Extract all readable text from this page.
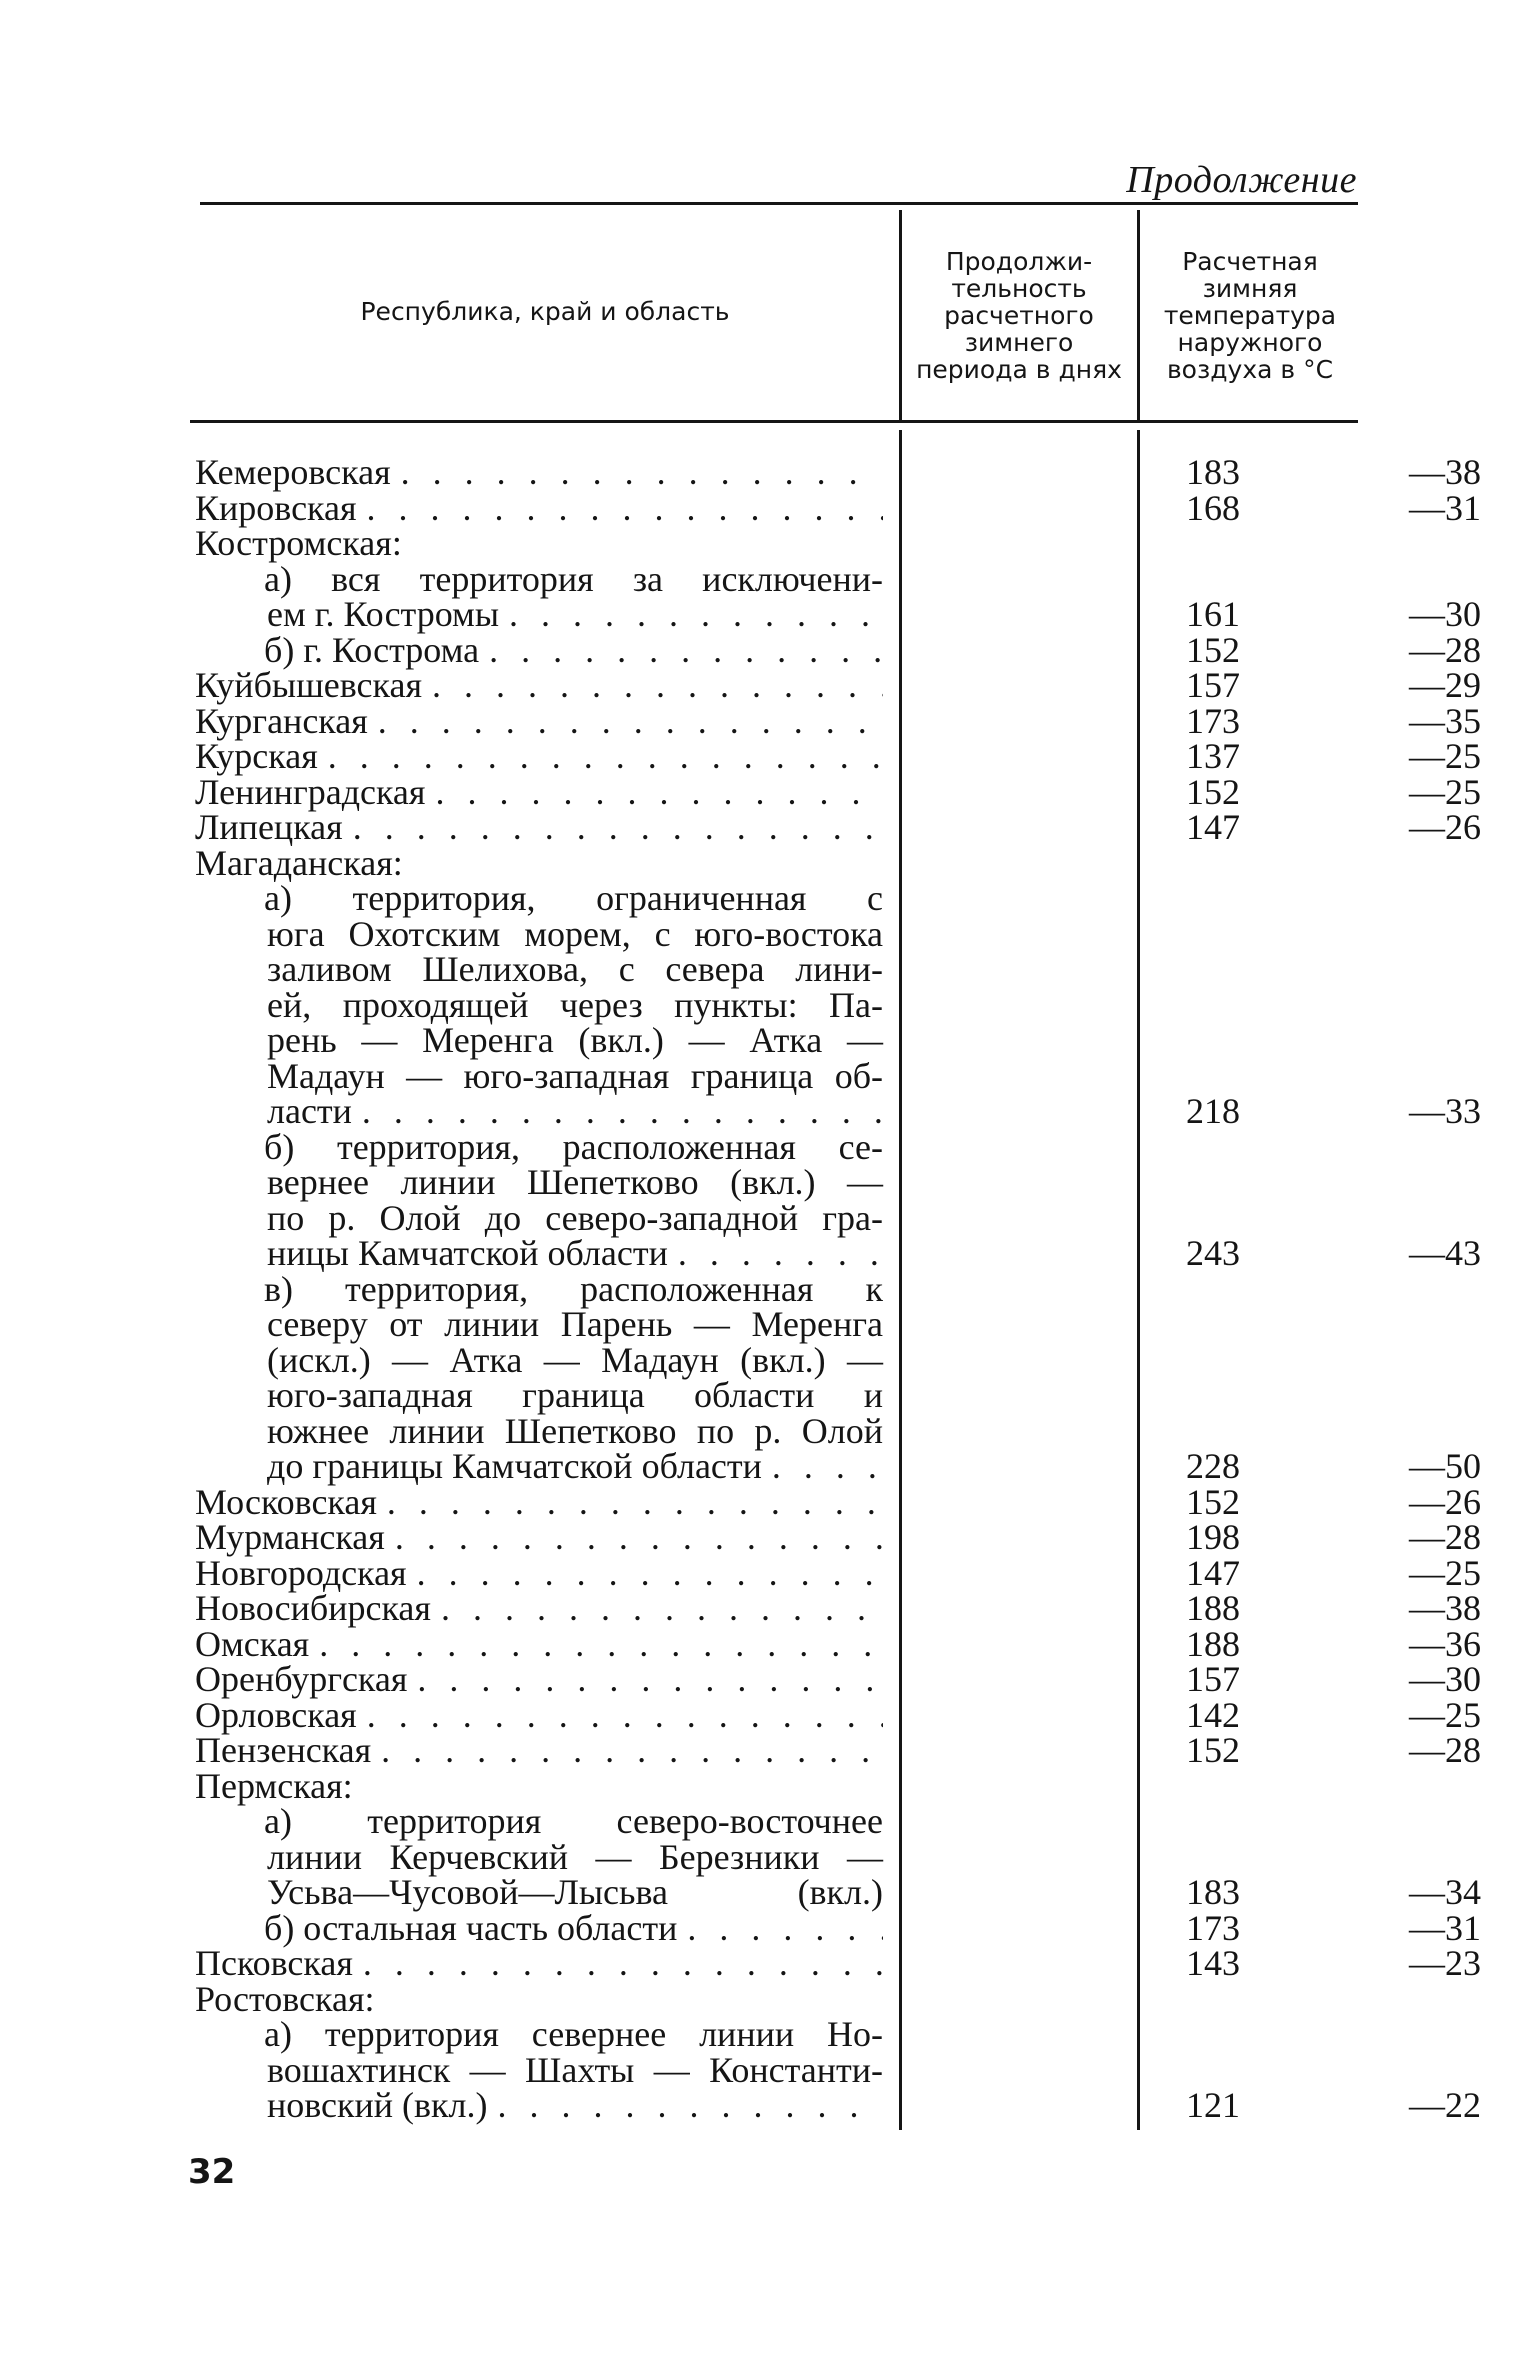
Продолжение
Республика, край и область
Продолжи-
тельность
расчетного
зимнего
периода в днях
Расчетная
зимняя
температура
наружного
воздуха в °С
Кемеровская . . .	183	—38
Кировская . . .	168	—31
Костромская:
а) вся территория за исключени-
ем г. Костромы . . .	161	—30
б) г. Кострома . . .	152	—28
Куйбышевская . . .	157	—29
Курганская . . .	173	—35
Курская . . .	137	—25
Ленинградская . . .	152	—25
Липецкая . . .	147	—26
Магаданская:
а) территория, ограниченная с
юга Охотским морем, с юго-востока
заливом Шелихова, с севера лини-
ей, проходящей через пункты: Па-
рень — Меренга (вкл.) — Атка —
Мадаун — юго-западная граница об-
ласти . . .	218	—33
б) территория, расположенная се-
вернее линии Шепетково (вкл.) —
по р. Олой до северо-западной гра-
ницы Камчатской области . . .	243	—43
в) территория, расположенная к
северу от линии Парень — Меренга
(искл.) — Атка — Мадаун (вкл.) —
юго-западная граница области и
южнее линии Шепетково по р. Олой
до границы Камчатской области . . .	228	—50
Московская . . .	152	—26
Мурманская . . .	198	—28
Новгородская . . .	147	—25
Новосибирская . . .	188	—38
Омская . . .	188	—36
Оренбургская . . .	157	—30
Орловская . . .	142	—25
Пензенская . . .	152	—28
Пермская:
а) территория северо-восточнее
линии Керчевский — Березники —
Усьва—Чусовой—Лысьва (вкл.)	183	—34
б) остальная часть области . . .	173	—31
Псковская . . .	143	—23
Ростовская:
а) территория севернее линии Но-
вошахтинск — Шахты — Константи-
новский (вкл.) . . .	121	—22
32
